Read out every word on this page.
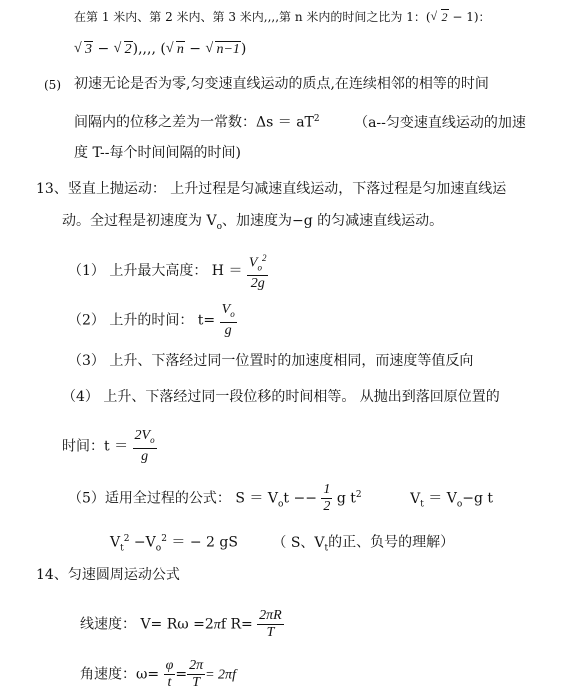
在第 1 米内、第 2 米内、第 3 米内,,,,第 n 米内的时间之比为 1：( √ 2 − 1)：
√ 3 − √ 2),,,, ( √ n − √ n−1)
(5) 初速无论是否为零,匀变速直线运动的质点,在连续相邻的相等的时间
间隔内的位移之差为一常数：$\Delta s = aT^2$ （a--匀变速直线运动的加速
度 T--每个时间间隔的时间)
13、竖直上抛运动： 上升过程是匀减速直线运动，下落过程是匀加速直线运
动。全过程是初速度为 $V_o$、加速度为−g 的匀减速直线运动。
（1） 上升最大高度： $H = \frac{V_o^2}{2g}$
（2） 上升的时间： $t= \frac{V_o}{g}$
（3） 上升、下落经过同一位置时的加速度相同，而速度等值反向
（4） 上升、下落经过同一段位移的时间相等。 从抛出到落回原位置的
时间：$t = \frac{2V_o}{g}$
（5）适用全过程的公式： $S = V_ot -- \frac{1}{2}$ g $t^2$	$V_t = V_o-g$ t
$V_t^2 -V_o^2$ ＝ − 2 gS （ S、$V_t$的正、负号的理解）
14、匀速圆周运动公式
线速度： V= Rω =2πf $R= \frac{2\pi R}{T}$
角速度：$\omega= \frac{\varphi}{t} = \frac{2\pi}{T} = 2\pi f$
